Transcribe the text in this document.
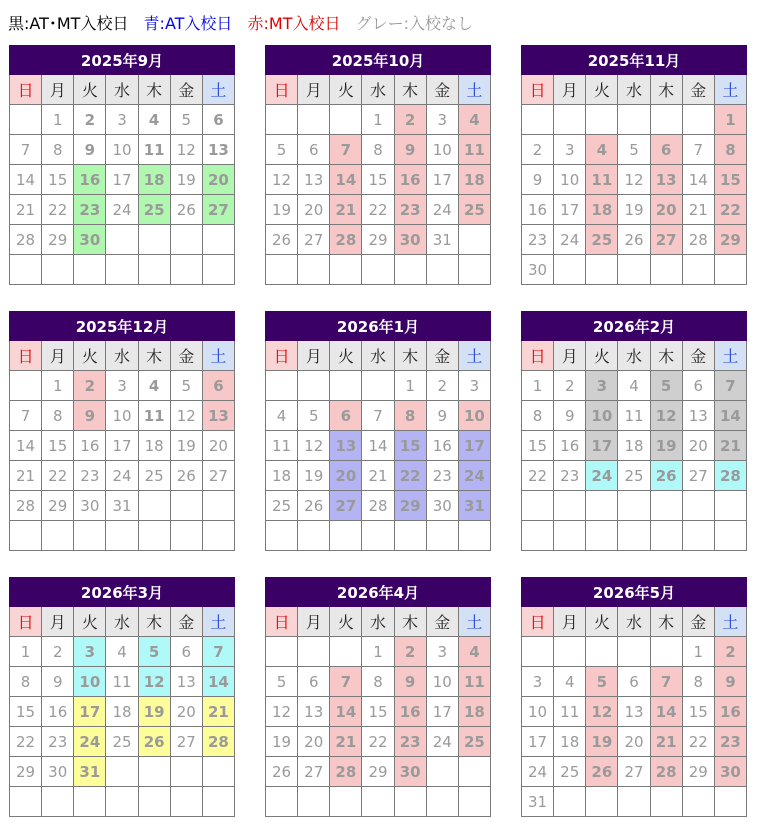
黒:AT･MT入校日 青:AT入校日 赤:MT入校日 グレー:入校なし
2025年9月						
日	月	火	水	木	金	土
	1	2	3	4	5	6
7	8	9	10	11	12	13
14	15	16	17	18	19	20
21	22	23	24	25	26	27
28	29	30				

2025年10月						
日	月	火	水	木	金	土
			1	2	3	4
5	6	7	8	9	10	11
12	13	14	15	16	17	18
19	20	21	22	23	24	25
26	27	28	29	30	31	

2025年11月						
日	月	火	水	木	金	土
						1
2	3	4	5	6	7	8
9	10	11	12	13	14	15
16	17	18	19	20	21	22
23	24	25	26	27	28	29
30						
2025年12月						
日	月	火	水	木	金	土
	1	2	3	4	5	6
7	8	9	10	11	12	13
14	15	16	17	18	19	20
21	22	23	24	25	26	27
28	29	30	31			

2026年1月						
日	月	火	水	木	金	土
				1	2	3
4	5	6	7	8	9	10
11	12	13	14	15	16	17
18	19	20	21	22	23	24
25	26	27	28	29	30	31

2026年2月						
日	月	火	水	木	金	土
1	2	3	4	5	6	7
8	9	10	11	12	13	14
15	16	17	18	19	20	21
22	23	24	25	26	27	28

2026年3月						
日	月	火	水	木	金	土
1	2	3	4	5	6	7
8	9	10	11	12	13	14
15	16	17	18	19	20	21
22	23	24	25	26	27	28
29	30	31				

2026年4月						
日	月	火	水	木	金	土
			1	2	3	4
5	6	7	8	9	10	11
12	13	14	15	16	17	18
19	20	21	22	23	24	25
26	27	28	29	30		

2026年5月						
日	月	火	水	木	金	土
					1	2
3	4	5	6	7	8	9
10	11	12	13	14	15	16
17	18	19	20	21	22	23
24	25	26	27	28	29	30
31						
